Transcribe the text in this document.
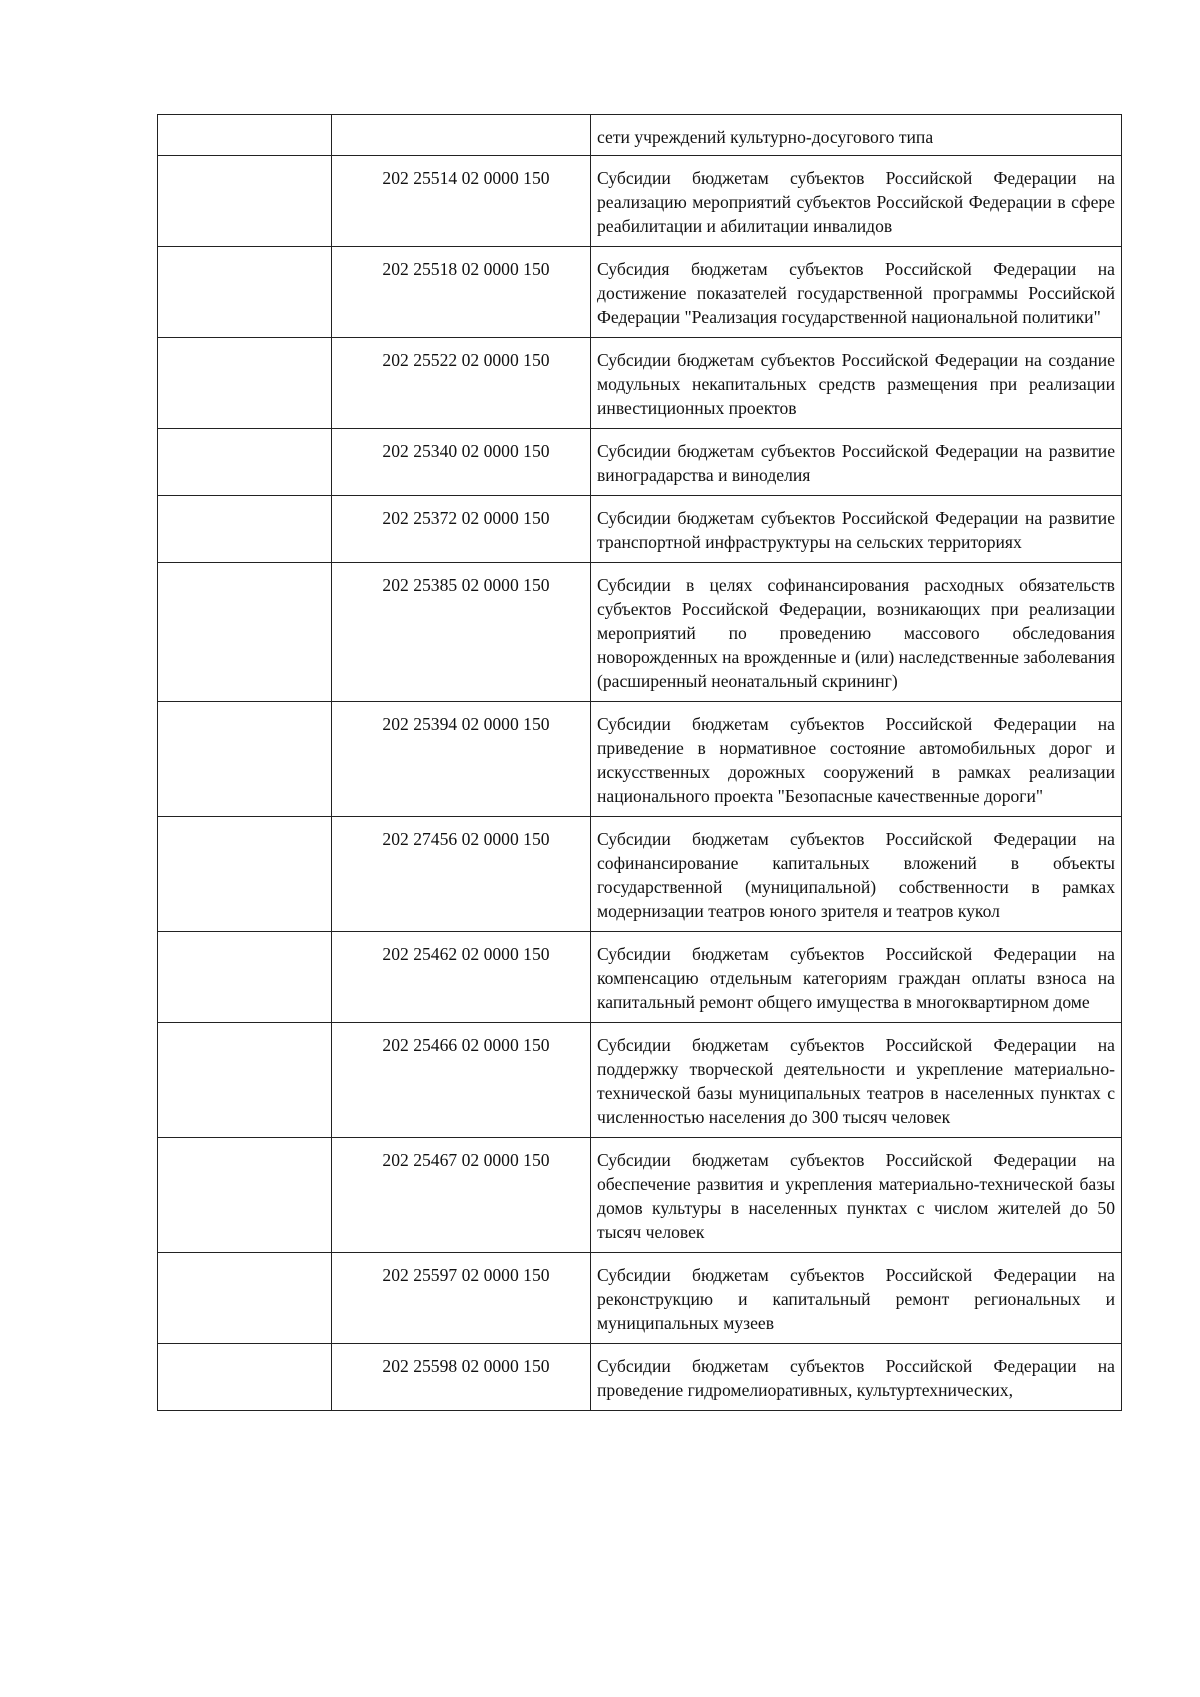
		сети учреждений культурно-досугового типа
	202 25514 02 0000 150	Субсидии бюджетам субъектов Российской Федерации на реализацию мероприятий субъектов Российской Федерации в сфере реабилитации и абилитации инвалидов
	202 25518 02 0000 150	Субсидия бюджетам субъектов Российской Федерации на достижение показателей государственной программы Российской Федерации "Реализация государственной национальной политики"
	202 25522 02 0000 150	Субсидии бюджетам субъектов Российской Федерации на создание модульных некапитальных средств размещения при реализации инвестиционных проектов
	202 25340 02 0000 150	Субсидии бюджетам субъектов Российской Федерации на развитие виноградарства и виноделия
	202 25372 02 0000 150	Субсидии бюджетам субъектов Российской Федерации на развитие транспортной инфраструктуры на сельских территориях
	202 25385 02 0000 150	Субсидии в целях софинансирования расходных обязательств субъектов Российской Федерации, возникающих при реализации мероприятий по проведению массового обследования новорожденных на врожденные и (или) наследственные заболевания (расширенный неонатальный скрининг)
	202 25394 02 0000 150	Субсидии бюджетам субъектов Российской Федерации на приведение в нормативное состояние автомобильных дорог и искусственных дорожных сооружений в рамках реализации национального проекта "Безопасные качественные дороги"
	202 27456 02 0000 150	Субсидии бюджетам субъектов Российской Федерации на софинансирование капитальных вложений в объекты государственной (муниципальной) собственности в рамках модернизации театров юного зрителя и театров кукол
	202 25462 02 0000 150	Субсидии бюджетам субъектов Российской Федерации на компенсацию отдельным категориям граждан оплаты взноса на капитальный ремонт общего имущества в многоквартирном доме
	202 25466 02 0000 150	Субсидии бюджетам субъектов Российской Федерации на поддержку творческой деятельности и укрепление материально-технической базы муниципальных театров в населенных пунктах с численностью населения до 300 тысяч человек
	202 25467 02 0000 150	Субсидии бюджетам субъектов Российской Федерации на обеспечение развития и укрепления материально-технической базы домов культуры в населенных пунктах с числом жителей до 50 тысяч человек
	202 25597 02 0000 150	Субсидии бюджетам субъектов Российской Федерации на реконструкцию и капитальный ремонт региональных и муниципальных музеев
	202 25598 02 0000 150	Субсидии бюджетам субъектов Российской Федерации на проведение гидромелиоративных, культуртехнических,
